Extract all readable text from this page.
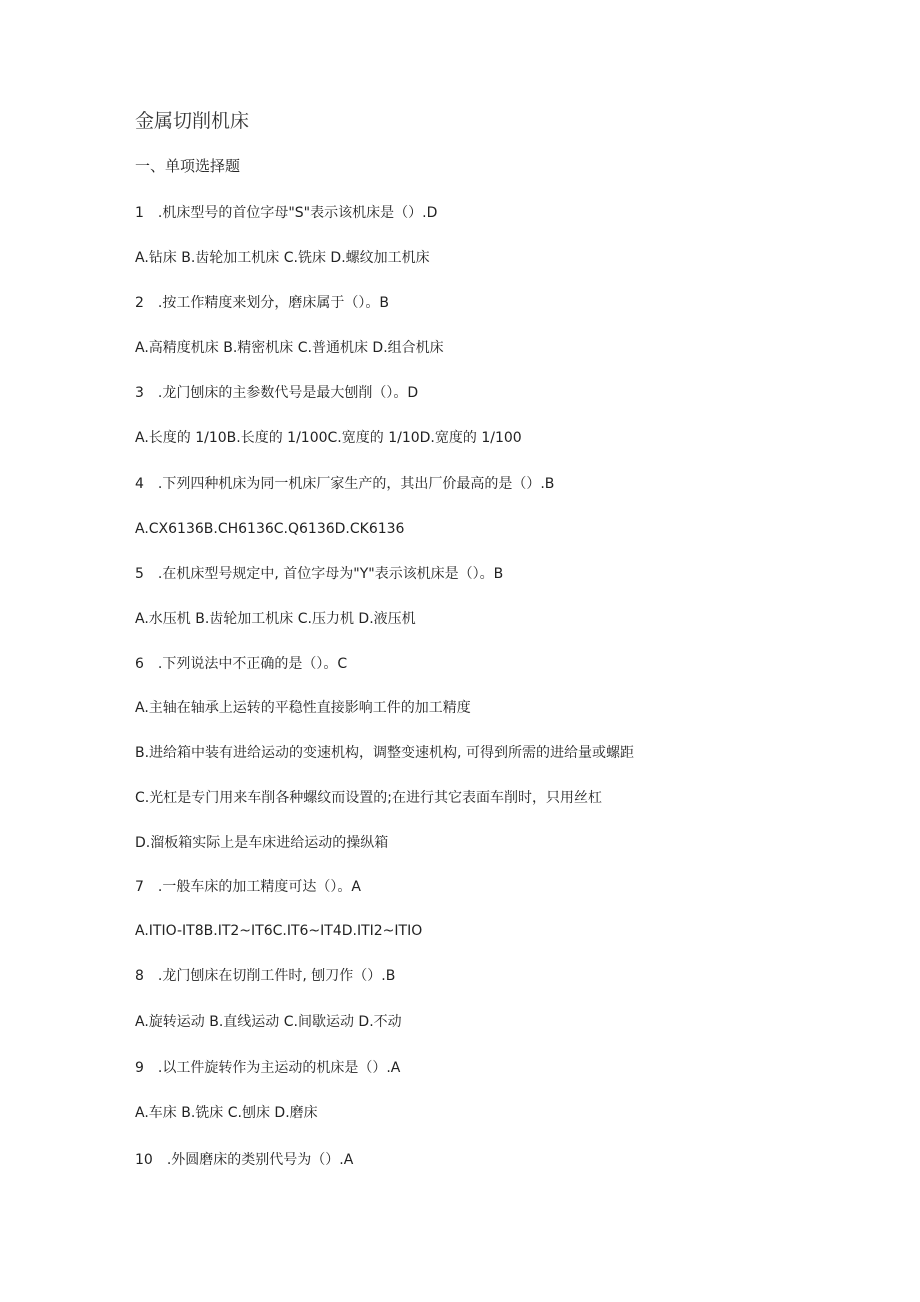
金属切削机床
一、单项选择题
1　.机床型号的首位字母"S"表示该机床是（）.D
A.钻床 B.齿轮加工机床 C.铣床 D.螺纹加工机床
2　.按工作精度来划分，磨床属于（）。B
A.高精度机床 B.精密机床 C.普通机床 D.组合机床
3　.龙门刨床的主参数代号是最大刨削（）。D
A.长度的 1/10B.长度的 1/100C.宽度的 1/10D.宽度的 1/100
4　.下列四种机床为同一机床厂家生产的，其出厂价最高的是（）.B
A.CX6136B.CH6136C.Q6136D.CK6136
5　.在机床型号规定中, 首位字母为"Y"表示该机床是（）。B
A.水压机 B.齿轮加工机床 C.压力机 D.液压机
6　.下列说法中不正确的是（）。C
A.主轴在轴承上运转的平稳性直接影响工件的加工精度
B.进给箱中装有进给运动的变速机构，调整变速机构, 可得到所需的进给量或螺距
C.光杠是专门用来车削各种螺纹而设置的;在进行其它表面车削时，只用丝杠
D.溜板箱实际上是车床进给运动的操纵箱
7　.一般车床的加工精度可达（）。A
A.ITIO-IT8B.IT2~IT6C.IT6~IT4D.ITI2~ITIO
8　.龙门刨床在切削工件时, 刨刀作（）.B
A.旋转运动 B.直线运动 C.间歇运动 D.不动
9　.以工件旋转作为主运动的机床是（）.A
A.车床 B.铣床 C.刨床 D.磨床
10　.外圆磨床的类别代号为（）.A
